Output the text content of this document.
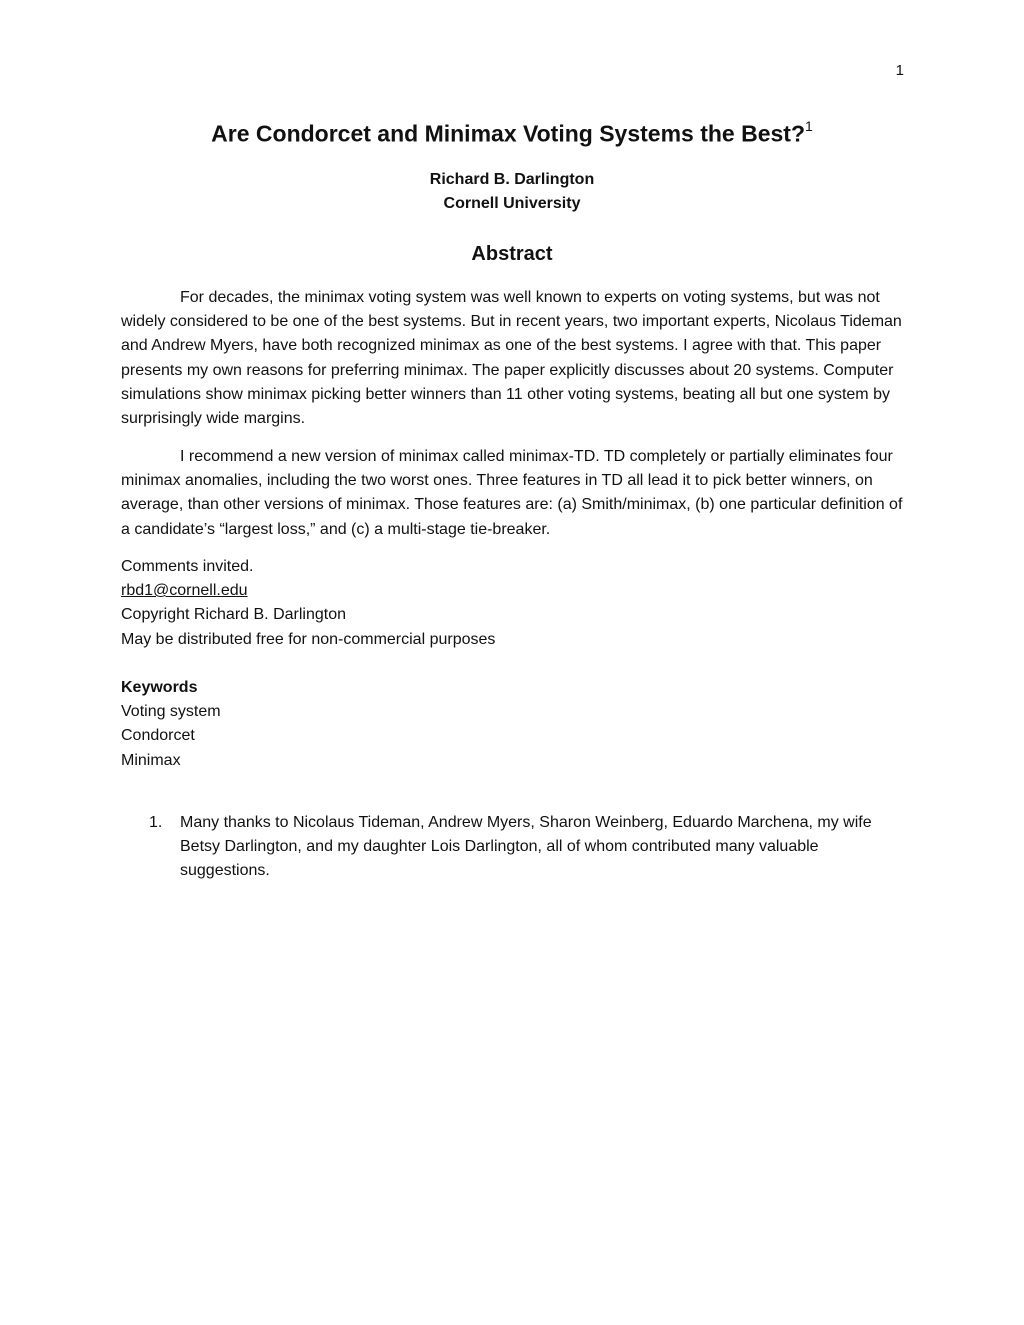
1
Are Condorcet and Minimax Voting Systems the Best?$^1$
Richard B. Darlington
Cornell University
Abstract

For decades, the minimax voting system was well known to experts on voting systems, but was not widely considered to be one of the best systems. But in recent years, two important experts, Nicolaus Tideman and Andrew Myers, have both recognized minimax as one of the best systems. I agree with that. This paper presents my own reasons for preferring minimax. The paper explicitly discusses about 20 systems. Computer simulations show minimax picking better winners than 11 other voting systems, beating all but one system by surprisingly wide margins.

I recommend a new version of minimax called minimax-TD. TD completely or partially eliminates four minimax anomalies, including the two worst ones. Three features in TD all lead it to pick better winners, on average, than other versions of minimax. Those features are: (a) Smith/minimax, (b) one particular definition of a candidate’s “largest loss,” and (c) a multi-stage tie-breaker.

Comments invited.
rbd1@cornell.edu
Copyright Richard B. Darlington
May be distributed free for non-commercial purposes
Keywords
Voting system
Condorcet
Minimax
1. Many thanks to Nicolaus Tideman, Andrew Myers, Sharon Weinberg, Eduardo Marchena, my wife Betsy Darlington, and my daughter Lois Darlington, all of whom contributed many valuable suggestions.
